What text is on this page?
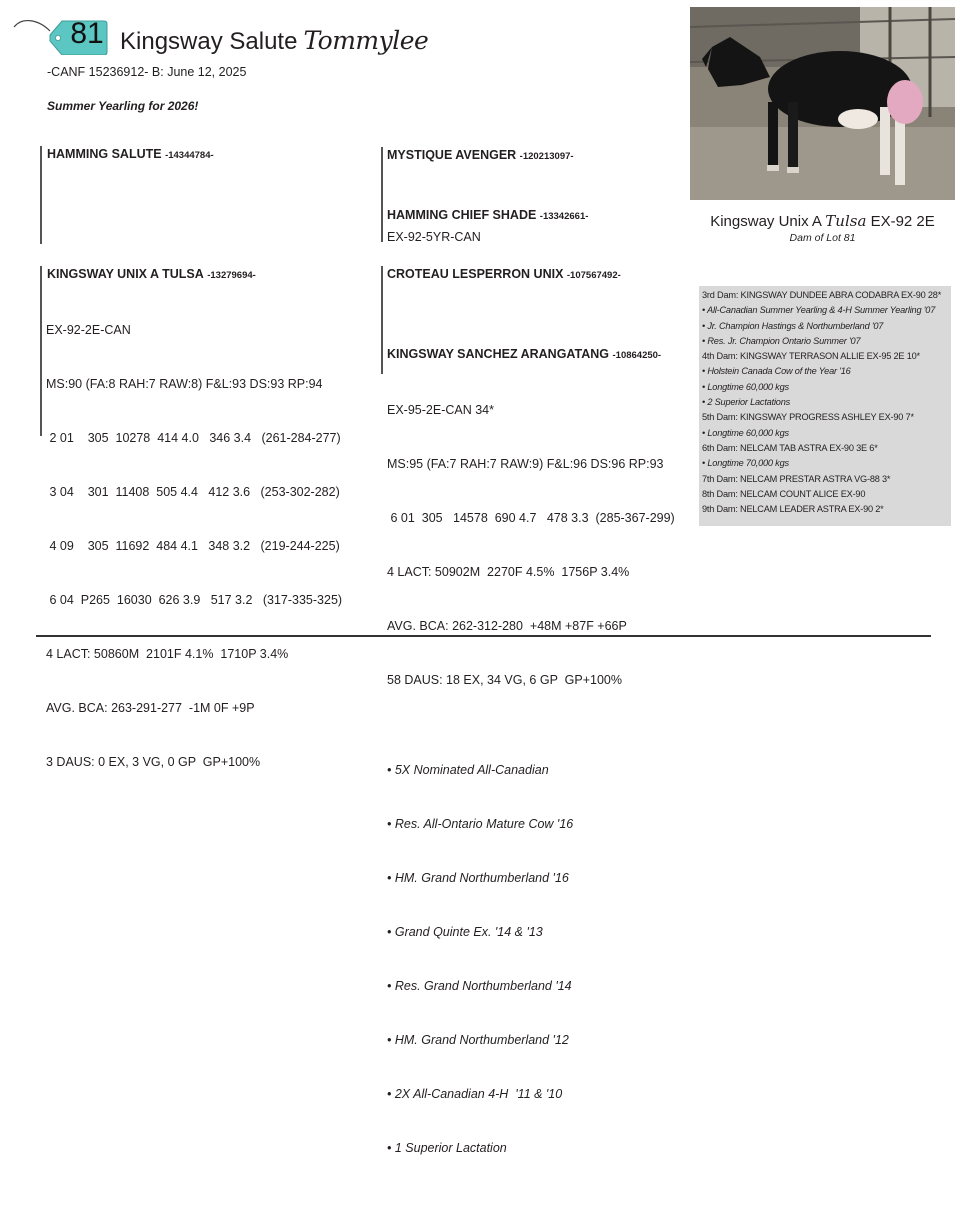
81 Kingsway Salute Tommylee
-CANF 15236912- B: June 12, 2025
Summer Yearling for 2026!
HAMMING SALUTE -14344784-
KINGSWAY UNIX A TULSA -13279694-

EX-92-2E-CAN

MS:90 (FA:8 RAH:7 RAW:8) F&L:93 DS:93 RP:94

2 01    305  10278  414 4.0   346 3.4   (261-284-277)

3 04    301  11408  505 4.4   412 3.6   (253-302-282)

4 09    305  11692  484 4.1   348 3.2   (219-244-225)

6 04  P265  16030  626 3.9   517 3.2   (317-335-325)

4 LACT: 50860M  2101F 4.1%  1710P 3.4%

AVG. BCA: 263-291-277  -1M 0F +9P

3 DAUS: 0 EX, 3 VG, 0 GP  GP+100%

MYSTIQUE AVENGER -120213097-
HAMMING CHIEF SHADE -13342661-
EX-92-5YR-CAN
CROTEAU LESPERRON UNIX -107567492-
KINGSWAY SANCHEZ ARANGATANG -10864250-

EX-95-2E-CAN 34*

MS:95 (FA:7 RAH:7 RAW:9) F&L:96 DS:96 RP:93

6 01  305   14578  690 4.7   478 3.3  (285-367-299)

4 LACT: 50902M  2270F 4.5%  1756P 3.4%

AVG. BCA: 262-312-280  +48M +87F +66P

58 DAUS: 18 EX, 34 VG, 6 GP  GP+100%

• 5X Nominated All-Canadian

• Res. All-Ontario Mature Cow '16

• HM. Grand Northumberland '16

• Grand Quinte Ex. '14 & '13

• Res. Grand Northumberland '14

• HM. Grand Northumberland '12

• 2X All-Canadian 4-H  '11 & '10

• 1 Superior Lactation

Kingsway Unix A Tulsa EX-92 2E
Dam of Lot 81
3rd Dam: KINGSWAY DUNDEE ABRA CODABRA EX-90 28*
• All-Canadian Summer Yearling & 4-H Summer Yearling '07
• Jr. Champion Hastings & Northumberland '07
• Res. Jr. Champion Ontario Summer '07
4th Dam: KINGSWAY TERRASON ALLIE EX-95 2E 10*
• Holstein Canada Cow of the Year '16
• Longtime 60,000 kgs
• 2 Superior Lactations
5th Dam: KINGSWAY PROGRESS ASHLEY EX-90 7*
• Longtime 60,000 kgs
6th Dam: NELCAM TAB ASTRA EX-90 3E 6*
• Longtime 70,000 kgs
7th Dam: NELCAM PRESTAR ASTRA VG-88 3*
8th Dam: NELCAM COUNT ALICE EX-90
9th Dam: NELCAM LEADER ASTRA EX-90 2*
